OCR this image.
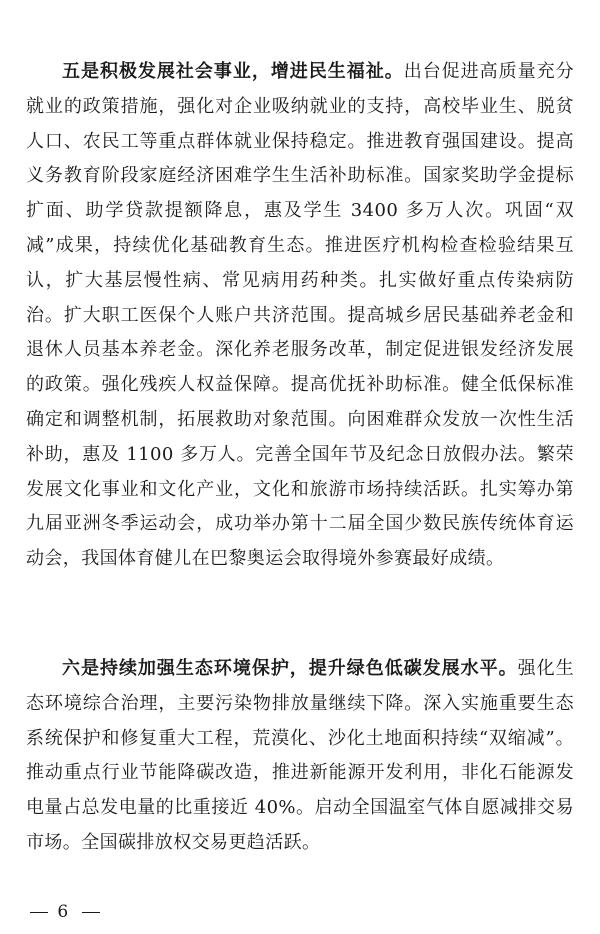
五是积极发展社会事业，增进民生福祉。出台促进高质量充分就业的政策措施，强化对企业吸纳就业的支持，高校毕业生、脱贫人口、农民工等重点群体就业保持稳定。推进教育强国建设。提高义务教育阶段家庭经济困难学生生活补助标准。国家奖助学金提标扩面、助学贷款提额降息，惠及学生 3400 多万人次。巩固“双减”成果，持续优化基础教育生态。推进医疗机构检查检验结果互认，扩大基层慢性病、常见病用药种类。扎实做好重点传染病防治。扩大职工医保个人账户共济范围。提高城乡居民基础养老金和退休人员基本养老金。深化养老服务改革，制定促进银发经济发展的政策。强化残疾人权益保障。提高优抚补助标准。健全低保标准确定和调整机制，拓展救助对象范围。向困难群众发放一次性生活补助，惠及 1100 多万人。完善全国年节及纪念日放假办法。繁荣发展文化事业和文化产业，文化和旅游市场持续活跃。扎实筹办第九届亚洲冬季运动会，成功举办第十二届全国少数民族传统体育运动会，我国体育健儿在巴黎奥运会取得境外参赛最好成绩。

六是持续加强生态环境保护，提升绿色低碳发展水平。强化生态环境综合治理，主要污染物排放量继续下降。深入实施重要生态系统保护和修复重大工程，荒漠化、沙化土地面积持续“双缩减”。推动重点行业节能降碳改造，推进新能源开发利用，非化石能源发电量占总发电量的比重接近 40%。启动全国温室气体自愿减排交易市场。全国碳排放权交易更趋活跃。

6
